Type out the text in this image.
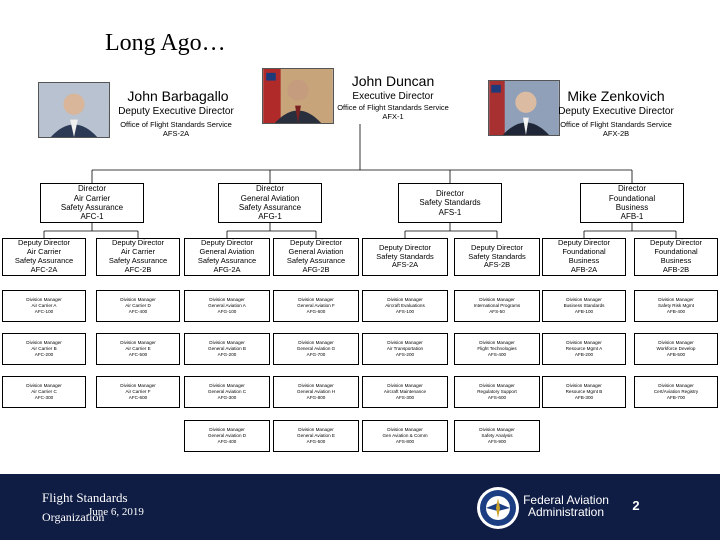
Long Ago…
John Barbagallo
Deputy Executive Director
Office of Flight Standards Service
AFS-2A
John Duncan
Executive Director
Office of Flight Standards Service
AFX-1
Mike Zenkovich
Deputy Executive Director
Office of Flight Standards Service
AFX-2B
Director
Air Carrier
Safety Assurance
AFC-1
Director
General Aviation
Safety Assurance
AFG-1
Director
Safety Standards
AFS-1
Director
Foundational
Business
AFB-1
Deputy Director
Air Carrier
Safety Assurance
AFC-2A
Deputy Director
Air Carrier
Safety Assurance
AFC-2B
Deputy Director
General Aviation
Safety Assurance
AFG-2A
Deputy Director
General Aviation
Safety Assurance
AFG-2B
Deputy Director
Safety Standards
AFS-2A
Deputy Director
Safety Standards
AFS-2B
Deputy Director
Foundational
Business
AFB-2A
Deputy Director
Foundational
Business
AFB-2B
Division Manager
Air Carrier A
AFC-100
Division Manager
Air Carrier B
AFC-200
Division Manager
Air Carrier C
AFC-300
Division Manager
Air Carrier D
AFC-400
Division Manager
Air Carrier E
AFC-500
Division Manager
Air Carrier F
AFC-600
Division Manager
General Aviation A
AFG-100
Division Manager
General Aviation B
AFG-200
Division Manager
General Aviation C
AFG-300
Division Manager
General Aviation D
AFG-400
Division Manager
General Aviation F
AFG-600
Division Manager
General Aviation G
AFG-700
Division Manager
General Aviation H
AFG-800
Division Manager
General Aviation E
AFG-500
Division Manager
Aircraft Evaluations
AFS-100
Division Manager
Air Transportation
AFS-200
Division Manager
Aircraft Maintenance
AFS-300
Division Manager
Gen Aviation & Comm
AFS-800
Division Manager
International Programs
AFS-50
Division Manager
Flight Technologies
AFS-400
Division Manager
Regulatory Support
AFS-600
Division Manager
Safety Analysis
AFS-900
Division Manager
Business Standards
AFB-100
Division Manager
Resource Mgmt A
AFB-200
Division Manager
Resource Mgmt B
AFB-300
Division Manager
Safety Risk Mgmt
AFB-400
Division Manager
Workforce Develop
AFB-500
Division Manager
Cert/Aviation Registry
AFB-700
Flight Standards
Organization
June 6, 2019
Federal Aviation
Administration	2
